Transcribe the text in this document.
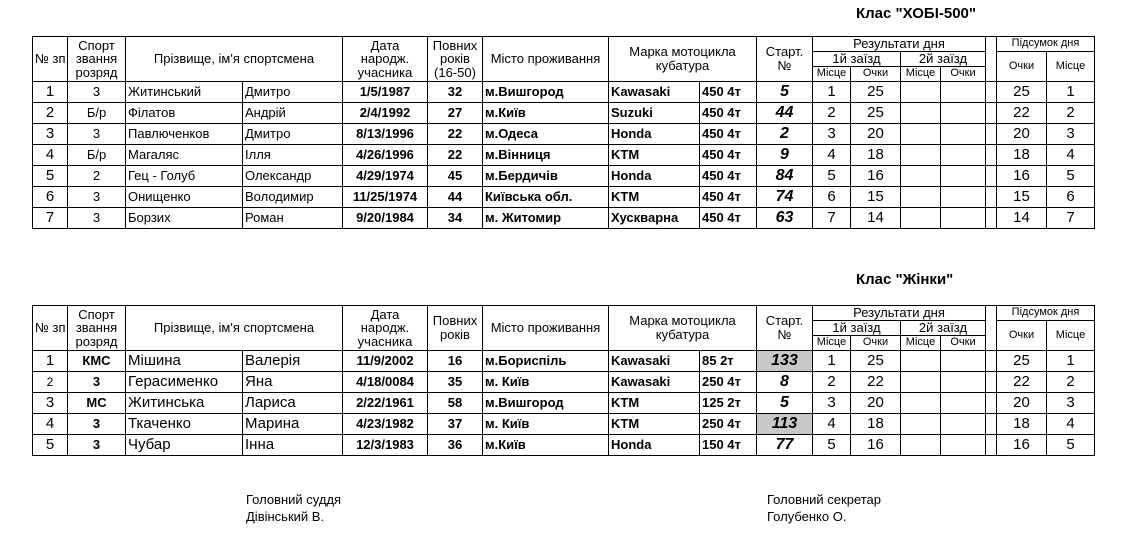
Клас "ХОБІ-500"
№ зп	Спорт звання розряд	Прізвище, ім'я спортсмена		Дата народж. учасника	Повних років (16-50)	Місто проживання	Марка мотоцикла кубатура		Старт. №	Результати дня					Підсумок дня	
										1й заїзд		2й заїзд			Очки	Місце
										Місце	Очки	Місце	Очки			
1	3	Житинський	Дмитро	1/5/1987	32	м.Вишгород	Kawasaki	450 4т	5	1	25				25	1
2	Б/р	Філатов	Андрій	2/4/1992	27	м.Київ	Suzuki	450 4т	44	2	25				22	2
3	3	Павлюченков	Дмитро	8/13/1996	22	м.Одеса	Honda	450 4т	2	3	20				20	3
4	Б/р	Магаляс	Ілля	4/26/1996	22	м.Вінниця	KTM	450 4т	9	4	18				18	4
5	2	Гец - Голуб	Олександр	4/29/1974	45	м.Бердичів	Honda	450 4т	84	5	16				16	5
6	3	Онищенко	Володимир	11/25/1974	44	Київська обл.	KTM	450 4т	74	6	15				15	6
7	3	Борзих	Роман	9/20/1984	34	м. Житомир	Хускварна	450 4т	63	7	14				14	7
Клас "Жінки"
№ зп	Спорт звання розряд	Прізвище, ім'я спортсмена		Дата народж. учасника	Повних років	Місто проживання	Марка мотоцикла кубатура		Старт. №	Результати дня					Підсумок дня	
										1й заїзд		2й заїзд			Очки	Місце
										Місце	Очки	Місце	Очки			
1	КМС	Мішина	Валерія	11/9/2002	16	м.Бориспіль	Kawasaki	85 2т	133	1	25				25	1
2	3	Герасименко	Яна	4/18/0084	35	м. Київ	Kawasaki	250 4т	8	2	22				22	2
3	МС	Житинська	Лариса	2/22/1961	58	м.Вишгород	KTM	125 2т	5	3	20				20	3
4	3	Ткаченко	Марина	4/23/1982	37	м. Київ	KTM	250 4т	113	4	18				18	4
5	3	Чубар	Інна	12/3/1983	36	м.Київ	Honda	150 4т	77	5	16				16	5
Головний суддя
Дівінський В.
Головний секретар
Голубенко О.
